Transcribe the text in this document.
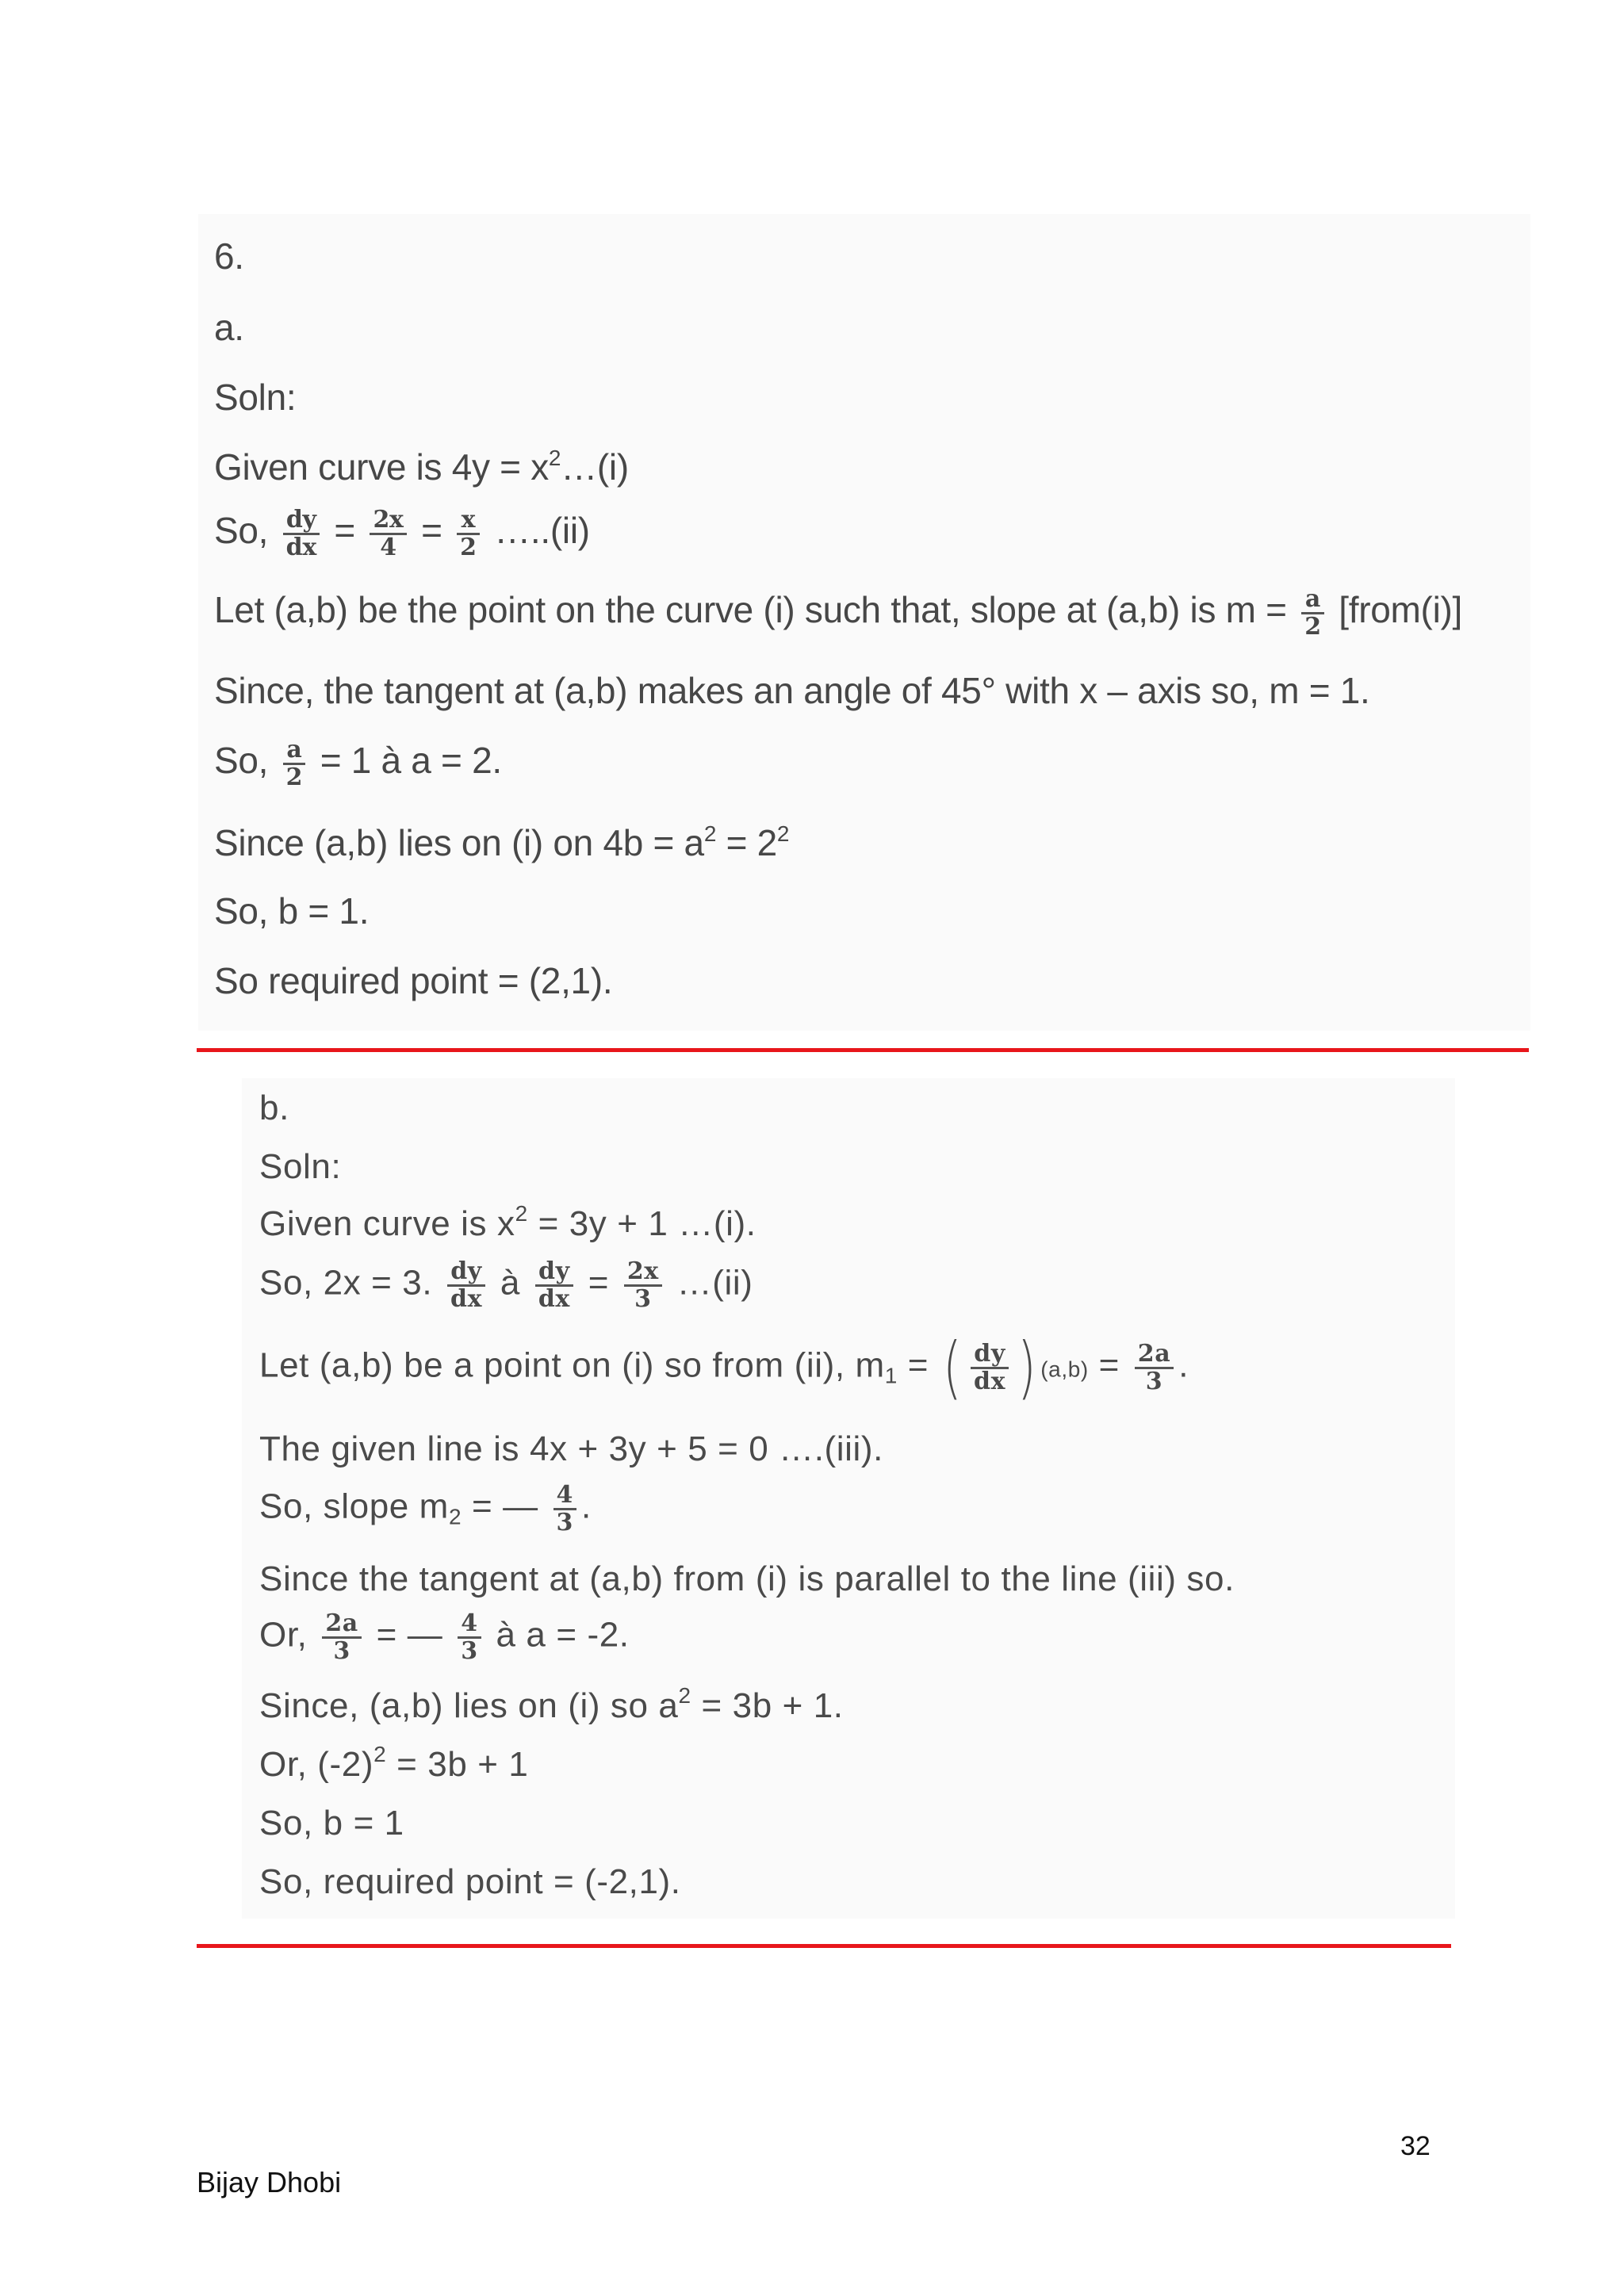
6.
a.
Soln:
Given curve is $4y = x^2\dots(i)$
So, $\frac{dy}{dx} = \frac{2x}{4} = \frac{x}{2}$ …..(ii)
Let (a,b) be the point on the curve (i) such that, slope at (a,b) is $m = \frac{a}{2}$ [from(i)]
Since, the tangent at (a,b) makes an angle of 45° with x – axis so, m = 1.
So, $\frac{a}{2} = 1$ à a = 2.
Since (a,b) lies on (i) on $4b = a^2 = 2^2$
So, b = 1.
So required point = (2,1).
b.
Soln:
Given curve is $x^2 = 3y + 1$ …(i).
So, 2x = 3. $\frac{dy}{dx}$ à $\frac{dy}{dx} = \frac{2x}{3}$ …(ii)
Let (a,b) be a point on (i) so from (ii), $m_1$ = ( $\frac{dy}{dx}$ ) $(a,b) = \frac{2a}{3}$ .
The given line is 4x + 3y + 5 = 0 ….(iii).
So, slope $m_2$ = — $\frac{4}{3}$ .
Since the tangent at (a,b) from (i) is parallel to the line (iii) so.
Or, $\frac{2a}{3}$ = — $\frac{4}{3}$ à a = -2.
Since, (a,b) lies on (i) so $a^2 = 3b + 1$.
Or, $(-2)^2 = 3b + 1$
So, b = 1
So, required point = (-2,1).
32
Bijay Dhobi
